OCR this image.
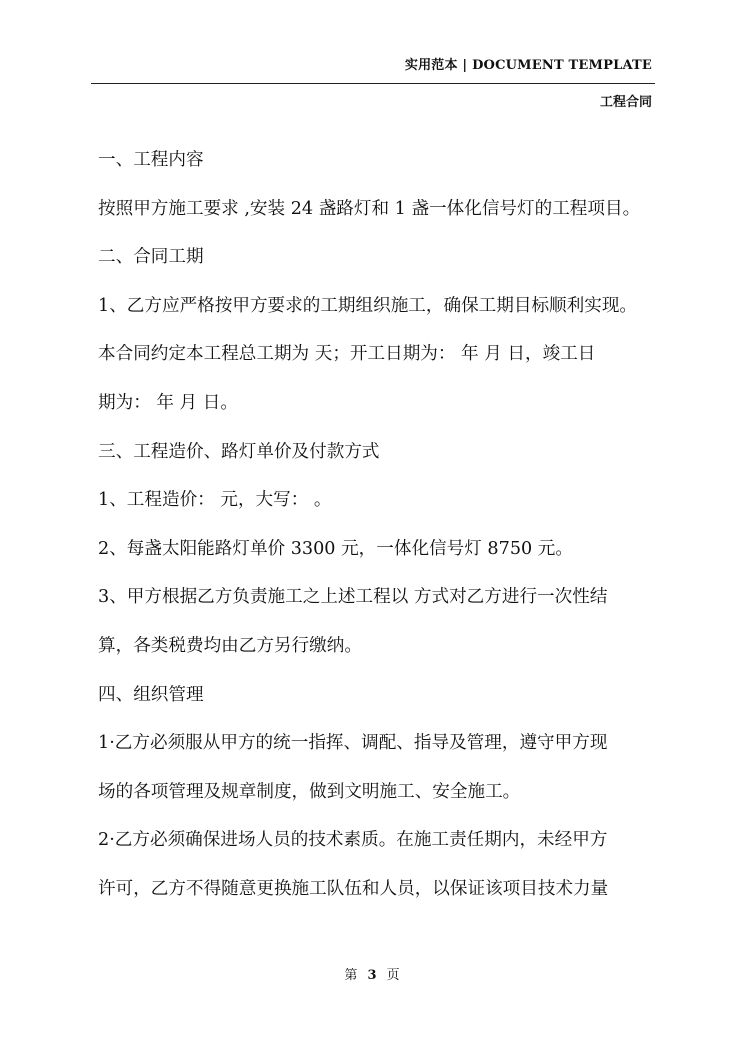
实用范本 | DOCUMENT TEMPLATE
工程合同
一、工程内容
按照甲方施工要求 ,安装 24 盏路灯和 1 盏一体化信号灯的工程项目。
二、合同工期
1、乙方应严格按甲方要求的工期组织施工，确保工期目标顺利实现。
本合同约定本工程总工期为 天；开工日期为： 年 月 日，竣工日
期为： 年 月 日。
三、工程造价、路灯单价及付款方式
1、工程造价： 元，大写： 。
2、每盏太阳能路灯单价 3300 元，一体化信号灯 8750 元。
3、甲方根据乙方负责施工之上述工程以 方式对乙方进行一次性结
算，各类税费均由乙方另行缴纳。
四、组织管理
1·乙方必须服从甲方的统一指挥、调配、指导及管理，遵守甲方现
场的各项管理及规章制度，做到文明施工、安全施工。
2·乙方必须确保进场人员的技术素质。在施工责任期内，未经甲方
许可，乙方不得随意更换施工队伍和人员，以保证该项目技术力量
第 3 页
